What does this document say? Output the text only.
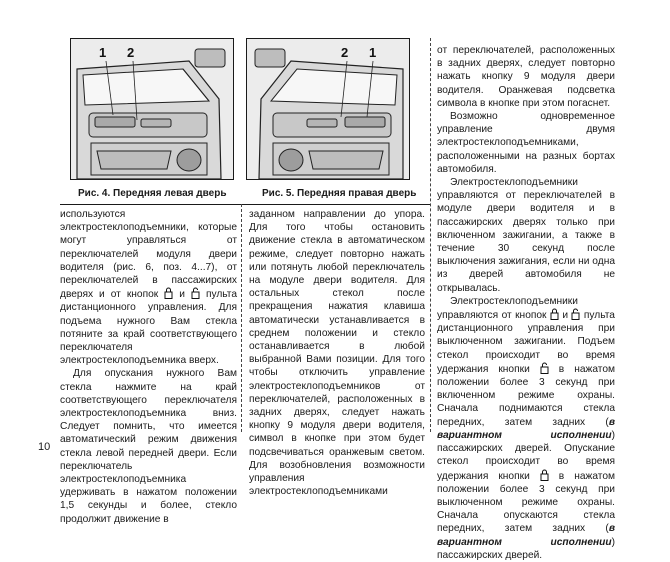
1 2	2 1
Рис. 4. Передняя левая дверь	Рис. 5. Передняя правая дверь

используются электростеклоподъемники, которые могут управляться от переключателей модуля двери водителя (рис. 6, поз. 4...7), от переключателей в пассажирских дверях и от кнопок и пульта дистанционного управления. Для подъема нужного Вам стекла потяните за край соответствующего переключателя электростеклоподъемника вверх.

Для опускания нужного Вам стекла нажмите на край соответствующего переключателя электростеклоподъемника вниз. Следует помнить, что имеется автоматический режим движения стекла левой передней двери. Если переключатель электростеклоподъемника удерживать в нажатом положении 1,5 секунды и более, стекло продолжит движение в

заданном направлении до упора. Для того чтобы остановить движение стекла в автоматическом режиме, следует повторно нажать или потянуть любой переключатель на модуле двери водителя. Для остальных стекол после прекращения нажатия клавиша автоматически устанавливается в среднем положении и стекло останавливается в любой выбранной Вами позиции. Для того чтобы отключить управление электростеклоподъемников от переключателей, расположенных в задних дверях, следует нажать кнопку 9 модуля двери водителя, символ в кнопке при этом будет подсвечиваться оранжевым светом. Для возобновления возможности управления электростеклоподъемниками

от переключателей, расположенных в задних дверях, следует повторно нажать кнопку 9 модуля двери водителя. Оранжевая подсветка символа в кнопке при этом погаснет.

Возможно одновременное управление двумя электростеклоподъемниками, расположенными на разных бортах автомобиля.

Электростеклоподъемники управляются от переключателей в модуле двери водителя и в пассажирских дверях только при включенном зажигании, а также в течение 30 секунд после выключения зажигания, если ни одна из дверей автомобиля не открывалась.

Электростеклоподъемники управляются от кнопок и пульта дистанционного управления при выключенном зажигании. Подъем стекол происходит во время удержания кнопки	в нажатом положении более 3 секунд при включенном режиме охраны. Сначала поднимаются стекла передних, затем задних (в вариантном исполнении) пассажирских дверей. Опускание стекол происходит во время удержания кнопки	в нажатом положении более 3 секунд при выключенном режиме охраны. Сначала опускаются стекла передних, затем задних (в вариантном исполнении) пассажирских дверей.

10
